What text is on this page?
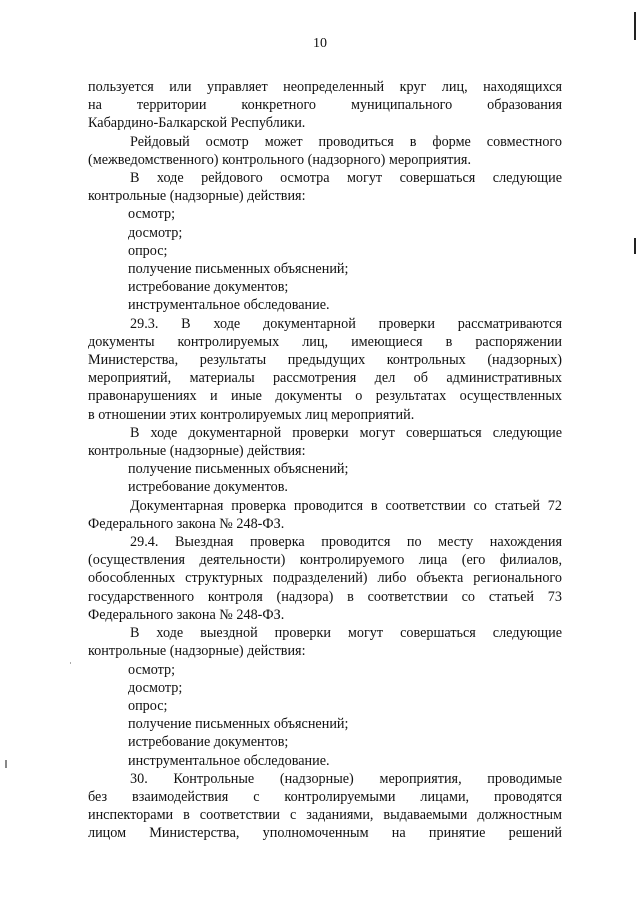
10
пользуется или управляет неопределенный круг лиц, находящихся
на территории конкретного муниципального образования
Кабардино-Балкарской Республики.
Рейдовый осмотр может проводиться в форме совместного
(межведомственного) контрольного (надзорного) мероприятия.
В ходе рейдового осмотра могут совершаться следующие
контрольные (надзорные) действия:
осмотр;
досмотр;
опрос;
получение письменных объяснений;
истребование документов;
инструментальное обследование.
29.3. В ходе документарной проверки рассматриваются
документы контролируемых лиц, имеющиеся в распоряжении
Министерства, результаты предыдущих контрольных (надзорных)
мероприятий, материалы рассмотрения дел об административных
правонарушениях и иные документы о результатах осуществленных
в отношении этих контролируемых лиц мероприятий.
В ходе документарной проверки могут совершаться следующие
контрольные (надзорные) действия:
получение письменных объяснений;
истребование документов.
Документарная проверка проводится в соответствии со статьей 72
Федерального закона № 248-ФЗ.
29.4. Выездная проверка проводится по месту нахождения
(осуществления деятельности) контролируемого лица (его филиалов,
обособленных структурных подразделений) либо объекта регионального
государственного контроля (надзора) в соответствии со статьей 73
Федерального закона № 248-ФЗ.
В ходе выездной проверки могут совершаться следующие
контрольные (надзорные) действия:
осмотр;
досмотр;
опрос;
получение письменных объяснений;
истребование документов;
инструментальное обследование.
30. Контрольные (надзорные) мероприятия, проводимые
без взаимодействия с контролируемыми лицами, проводятся
инспекторами в соответствии с заданиями, выдаваемыми должностным
лицом Министерства, уполномоченным на принятие решений
